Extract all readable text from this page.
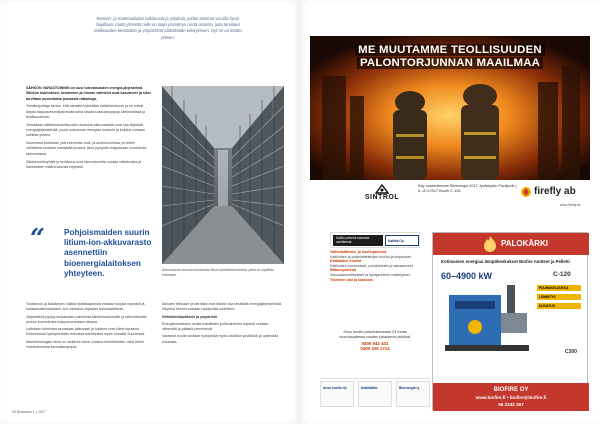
Kemian- ja materiaalialan tutkimusta ja yrityksiä, joiden toiminta voi olla hyvin hajallaan, mutta yhteistä niille on laaja ymmärrys niistä asioista, joita tarvitaan teollisuuden kestävään ja ympäristöä säästävään kehitykseen. Nyt ne on koottu yhteen.

SÄHKÖN VARASTOINNIN on uusi tulevaisuuden energia-järjestelmä. Sähkön kulutuksen, tuotannon ja hinnan vaihtelut ovat kasvaneet ja siksi tarvitaan uudenlaisia joustavia ratkaisuja.

Toimitusjohtaja kertoo, että varastot kytketään sähköverkkoon ja ne voivat tarjota taajuusreservipalveluita sekä tasata kulutushuippuja kiinteistöissä ja teollisuudessa.

Tehokkaan säätömahdollisuuden ansiosta akkuvarastot ovat osa älykästä energiajärjestelmää, jossa uusiutuvan energian tuotanto ja kulutus voidaan sovittaa yhteen.

Suomessa tuotetaan yhä enemmän tuuli- ja aurinkovoimaa, ja niiden vaihteleva tuotanto edellyttää joustoa. Akut pystyvät reagoimaan muutoksiin sekunneissa.

Sähköverkkoyhtiöt ja teollisuus ovat kiinnostuneita uusista ratkaisuista ja hankkeiden määrä kasvaa nopeasti.

Kuva: Yritys
Akkuvarasto koostuu tuhansista litium-ioniakkukennoista, jotka on sijoitettu telineisiin.
“ Pohjoismaiden suurin litium-ion-akkuvarasto asennettiin bioenergialaitoksen yhteyteen.

Tuotannon ja kulutuksen välistä epätasapainoa voidaan korjata nopeasti ja kustannustehokkaasti, kun varastoa ohjataan automaattisesti.

Järjestelmä pystyy tarjoamaan palveluita sähkömarkkinoille ja vähentämään verkon kuormitusta huippukulutuksen aikana.

Laitoksen toimintaa seurataan jatkuvasti ja tulokset ovat olleet lupaavia. Kokemuksia hyödynnetään tulevissa hankkeissa myös muualla Suomessa.

Akkuteknologian hinta on laskenut viime vuosina merkittävästi, mikä tekee investoinneista kannattavampia.

Akkujen elinkaari ja kierrätys ovat tärkeä osa kestävää energiajärjestelmää. Käytetyt kennot voidaan hyödyntää uudelleen.

Hiilidioksidipäästöt ja ympäristö

Energiavarastojen avulla fossiilisten polttoaineiden käyttöä voidaan vähentää ja päästöt pienenevät.

Varaston avulla voidaan hyödyntää myös edullista yösähköä ja optimoida kulutusta.

40 Biokaasu 1 | 2017
ME MUUTAMME TEOLLISUUDEN
PALONTORJUNNAN MAAILMAA
SINTROL
Käy osastollamme Bioenergia 2017 Jyväskylän Paviljonki | 6.–8.9.2017 Booth C-128	firefly ab
www.firefly.se
Kaikki palvelut samasta osoitteesta	Kattila Oy
Vaihtolaitteisto- ja huoltopalvelut
Kattiloiden ja poltinlaitteistojen huollot ja korjaukset
Kattilaiden huollot
Kattiloiden nuohoukset, puhdistukset ja tarkastukset
Mittauspalvelut
Savukaasumittaukset ja hyötysuhteen määritykset
Tekninen tuki ja koulutus
Ahon huolto palveluksessasi 24 tuntia vuorokaudessa vuoden jokaisena päivänä.
0400 542 441
0400 326 1714
Ahon huolto Oy	Kattilaliitto	Bioenergia ry
PALOKÄRKI
Kotimainen energiaa lämpökeskukset Biofire tuotteet ja Pelletti
60–4900 kW	C-120
PUUHAKELUOKKA
LÄMMITYS
KUIVATUS
C300
BIOFIRE OY
www.biofire.fi • biofire@biofire.fi
06 2332 267
